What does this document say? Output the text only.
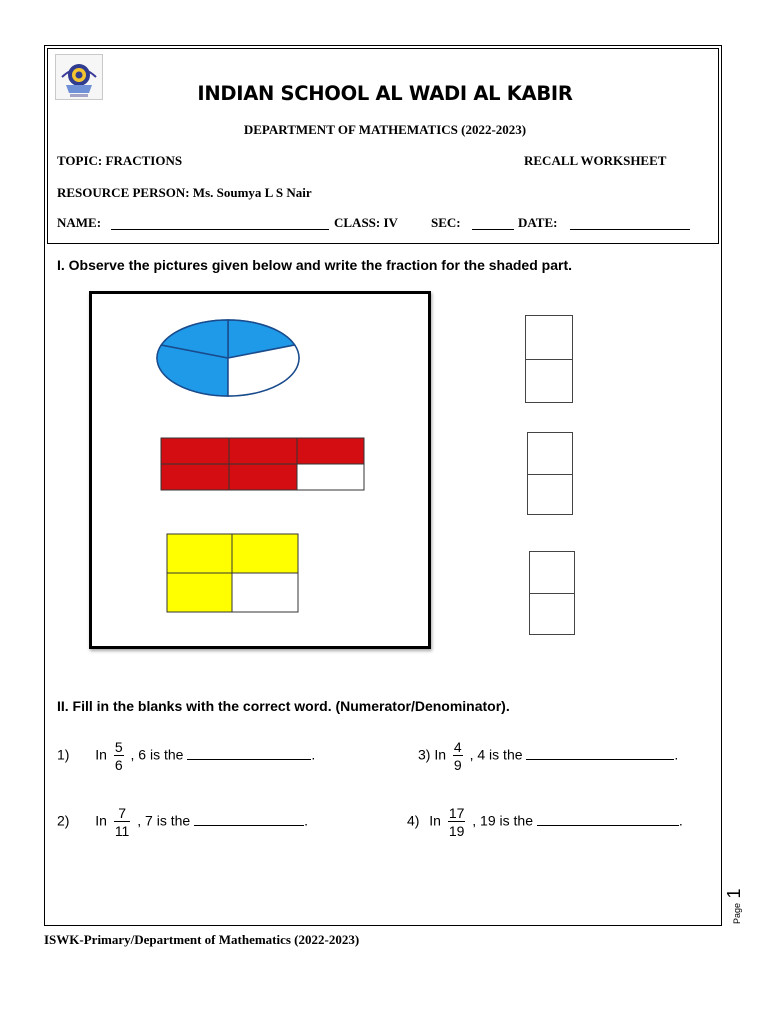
INDIAN SCHOOL AL WADI AL KABIR
DEPARTMENT OF MATHEMATICS (2022-2023)
TOPIC: FRACTIONS	RECALL WORKSHEET
RESOURCE PERSON: Ms. Soumya L S Nair
NAME:	CLASS: IV	SEC:	DATE:
I. Observe the pictures given below and write the fraction for the shaded part.
II. Fill in the blanks with the correct word. (Numerator/Denominator).
1) In $\frac{5}{6}$ , 6 is the	.	3) In $\frac{4}{9}$ , 4 is the	.
2) In $\frac{7}{11}$ , 7 is the	.	4) In $\frac{17}{19}$ , 19 is the	.
Page 1
ISWK-Primary/Department of Mathematics (2022-2023)
